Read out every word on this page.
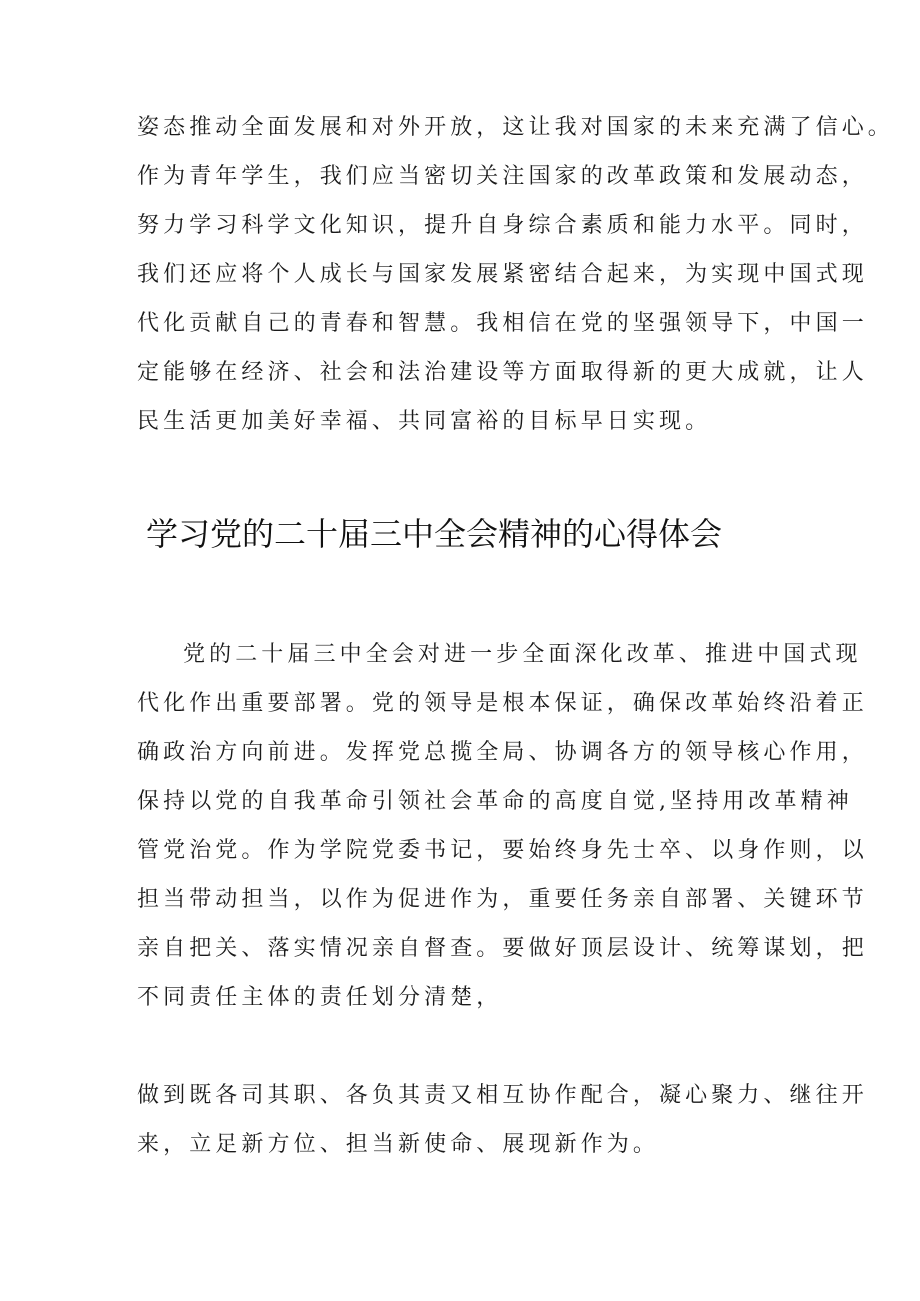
姿态推动全面发展和对外开放，这让我对国家的未来充满了信心。
作为青年学生，我们应当密切关注国家的改革政策和发展动态，
努力学习科学文化知识，提升自身综合素质和能力水平。同时，
我们还应将个人成长与国家发展紧密结合起来，为实现中国式现
代化贡献自己的青春和智慧。我相信在党的坚强领导下，中国一
定能够在经济、社会和法治建设等方面取得新的更大成就，让人
民生活更加美好幸福、共同富裕的目标早日实现。
学习党的二十届三中全会精神的心得体会
党的二十届三中全会对进一步全面深化改革、推进中国式现
代化作出重要部署。党的领导是根本保证，确保改革始终沿着正
确政治方向前进。发挥党总揽全局、协调各方的领导核心作用，
保持以党的自我革命引领社会革命的高度自觉,坚持用改革精神
管党治党。作为学院党委书记，要始终身先士卒、以身作则，以
担当带动担当，以作为促进作为，重要任务亲自部署、关键环节
亲自把关、落实情况亲自督查。要做好顶层设计、统筹谋划，把
不同责任主体的责任划分清楚，
做到既各司其职、各负其责又相互协作配合，凝心聚力、继往开
来，立足新方位、担当新使命、展现新作为。
